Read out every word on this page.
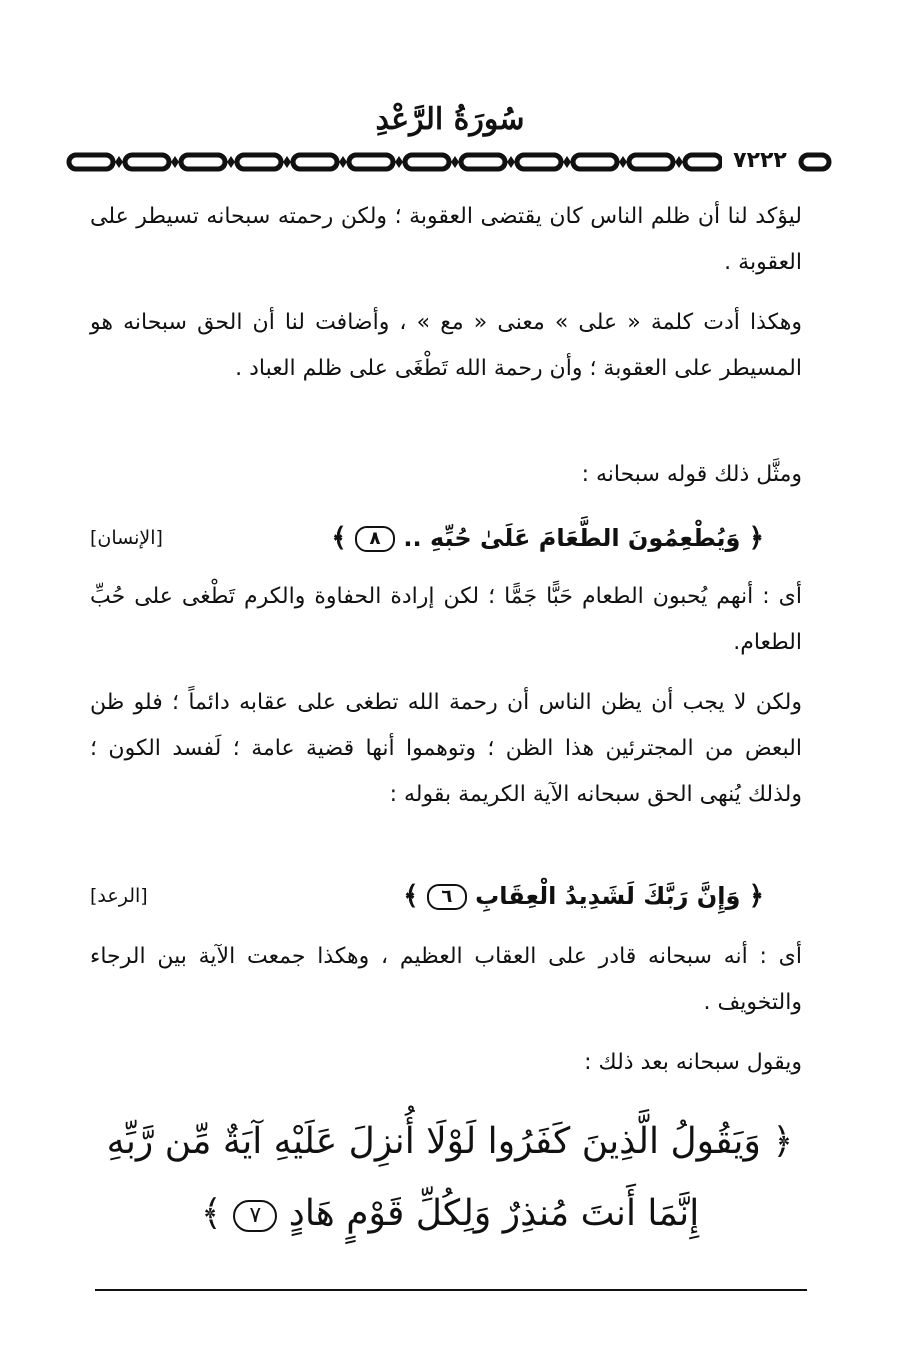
سُورَةُ الرَّعْدِ
٧٢٢٢
ليؤكد لنا أن ظلم الناس كان يقتضى العقوبة ؛ ولكن رحمته سبحانه تسيطر على العقوبة .
وهكذا أدت كلمة « على » معنى « مع » ، وأضافت لنا أن الحق سبحانه هو المسيطر على العقوبة ؛ وأن رحمة الله تَطْغَى على ظلم العباد .
ومثَّل ذلك قوله سبحانه :
﴿ وَيُطْعِمُونَ الطَّعَامَ عَلَىٰ حُبِّهِ .. ٨ ﴾
[الإنسان]
أى : أنهم يُحبون الطعام حَبًّا جَمًّا ؛ لكن إرادة الحفاوة والكرم تَطْغى على حُبِّ الطعام.
ولكن لا يجب أن يظن الناس أن رحمة الله تطغى على عقابه دائماً ؛ فلو ظن البعض من المجترئين هذا الظن ؛ وتوهموا أنها قضية عامة ؛ لَفسد الكون ؛ ولذلك يُنهى الحق سبحانه الآية الكريمة بقوله :
﴿ وَإِنَّ رَبَّكَ لَشَدِيدُ الْعِقَابِ ٦ ﴾
[الرعد]
أى : أنه سبحانه قادر على العقاب العظيم ، وهكذا جمعت الآية بين الرجاء والتخويف .
ويقول سبحانه بعد ذلك :
﴿ وَيَقُولُ الَّذِينَ كَفَرُوا لَوْلَا أُنزِلَ عَلَيْهِ آيَةٌ مِّن رَّبِّهِ
إِنَّمَا أَنتَ مُنذِرٌ وَلِكُلِّ قَوْمٍ هَادٍ ٧ ﴾
